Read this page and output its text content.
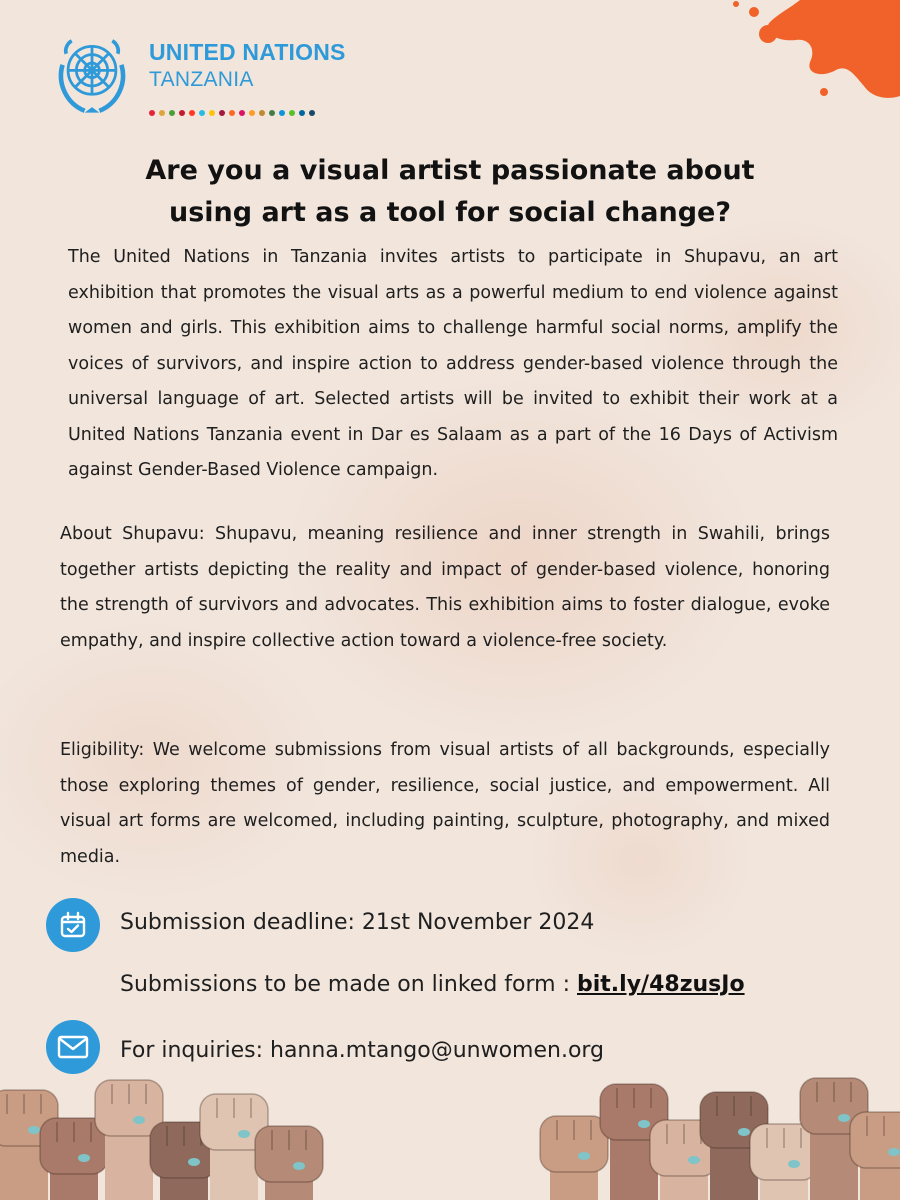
UNITED NATIONS
TANZANIA
Are you a visual artist passionate about
using art as a tool for social change?
The United Nations in Tanzania invites artists to participate in Shupavu, an art exhibition that promotes the visual arts as a powerful medium to end violence against women and girls. This exhibition aims to challenge harmful social norms, amplify the voices of survivors, and inspire action to address gender-based violence through the universal language of art. Selected artists will be invited to exhibit their work at a United Nations Tanzania event in Dar es Salaam as a part of the 16 Days of Activism against Gender-Based Violence campaign.
About Shupavu: Shupavu, meaning resilience and inner strength in Swahili, brings together artists depicting the reality and impact of gender-based violence, honoring the strength of survivors and advocates. This exhibition aims to foster dialogue, evoke empathy, and inspire collective action toward a violence-free society.
Eligibility: We welcome submissions from visual artists of all backgrounds, especially those exploring themes of gender, resilience, social justice, and empowerment. All visual art forms are welcomed, including painting, sculpture, photography, and mixed media.
Submission deadline: 21st November 2024
Submissions to be made on linked form : bit.ly/48zusJo
For inquiries: hanna.mtango@unwomen.org
